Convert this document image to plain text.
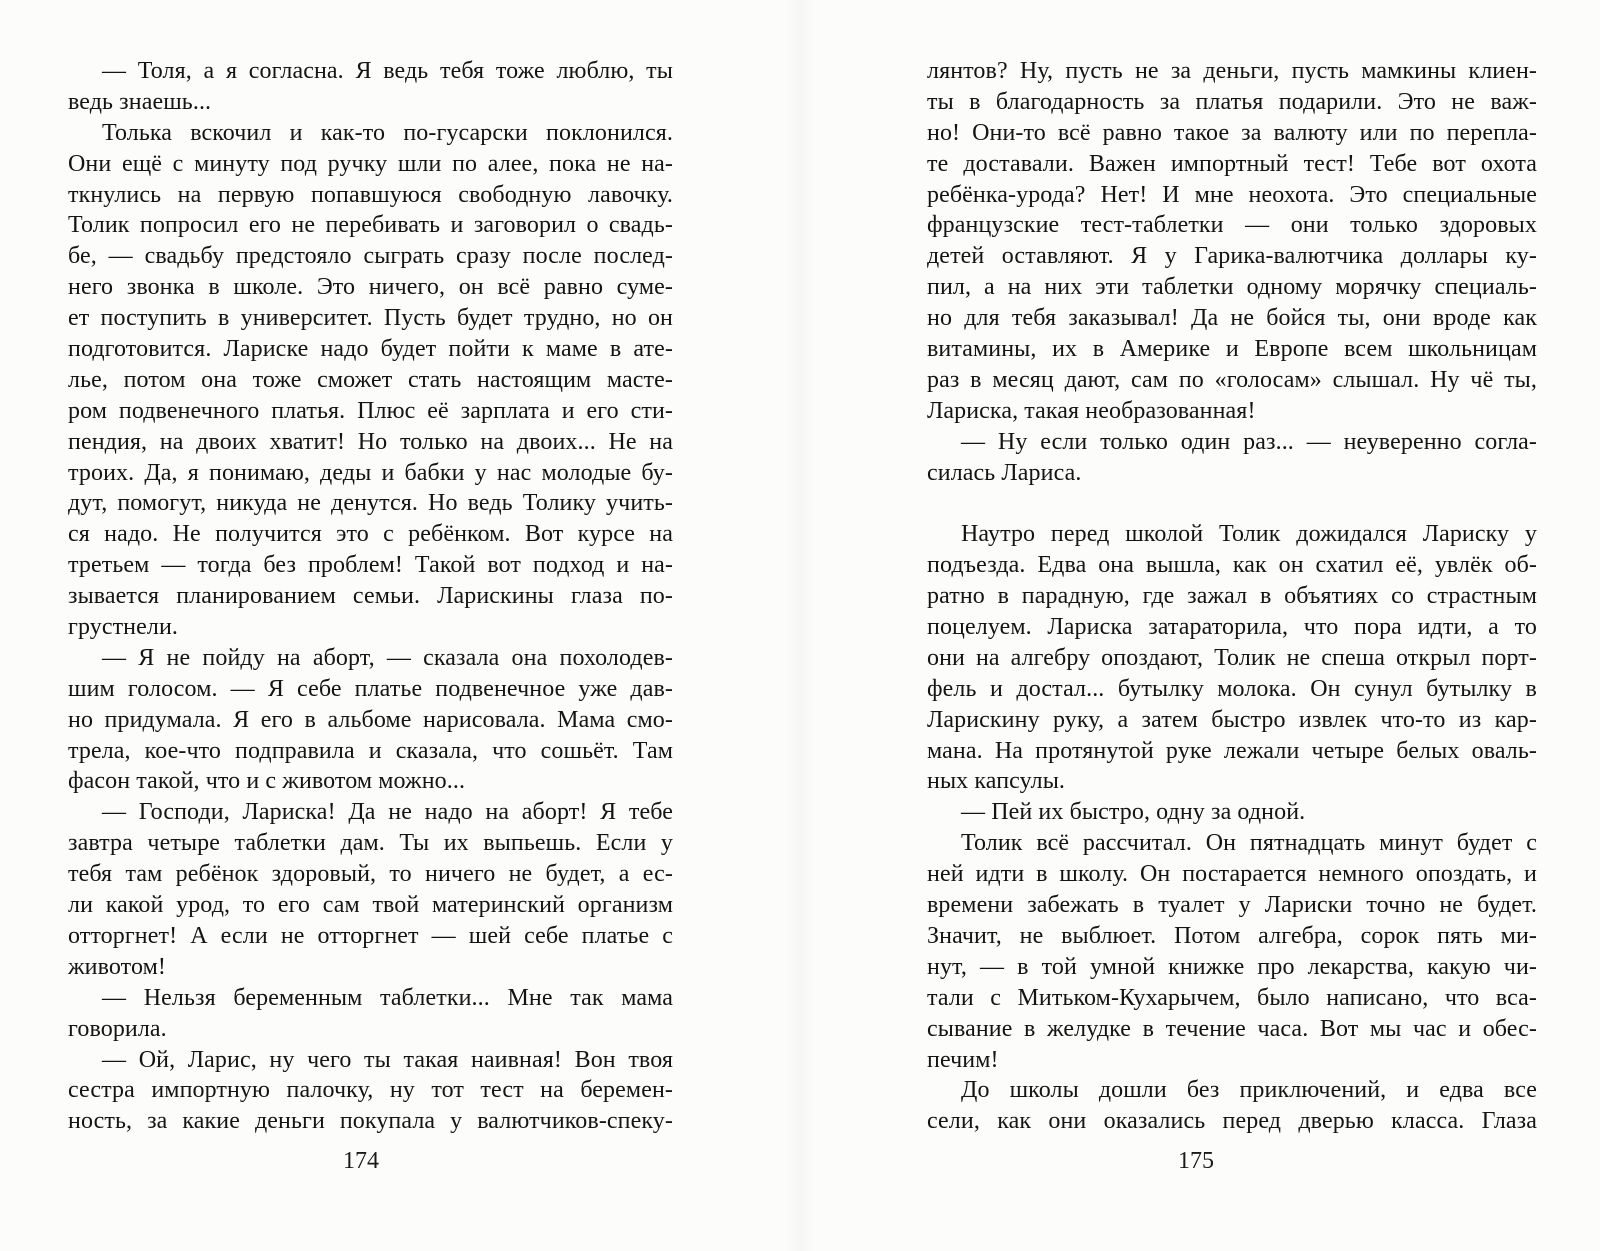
— Толя, а я согласна. Я ведь тебя тоже люблю, ты
ведь знаешь...
Толька вскочил и как-то по-гусарски поклонился.
Они ещё с минуту под ручку шли по алее, пока не на-
ткнулись на первую попавшуюся свободную лавочку.
Толик попросил его не перебивать и заговорил о свадь-
бе, — свадьбу предстояло сыграть сразу после послед-
него звонка в школе. Это ничего, он всё равно суме-
ет поступить в университет. Пусть будет трудно, но он
подготовится. Лариске надо будет пойти к маме в ате-
лье, потом она тоже сможет стать настоящим масте-
ром подвенечного платья. Плюс её зарплата и его сти-
пендия, на двоих хватит! Но только на двоих... Не на
троих. Да, я понимаю, деды и бабки у нас молодые бу-
дут, помогут, никуда не денутся. Но ведь Толику учить-
ся надо. Не получится это с ребёнком. Вот курсе на
третьем — тогда без проблем! Такой вот подход и на-
зывается планированием семьи. Ларискины глаза по-
грустнели.
— Я не пойду на аборт, — сказала она похолодев-
шим голосом. — Я себе платье подвенечное уже дав-
но придумала. Я его в альбоме нарисовала. Мама смо-
трела, кое-что подправила и сказала, что сошьёт. Там
фасон такой, что и с животом можно...
— Господи, Лариска! Да не надо на аборт! Я тебе
завтра четыре таблетки дам. Ты их выпьешь. Если у
тебя там ребёнок здоровый, то ничего не будет, а ес-
ли какой урод, то его сам твой материнский организм
отторгнет! А если не отторгнет — шей себе платье с
животом!
— Нельзя беременным таблетки... Мне так мама
говорила.
— Ой, Ларис, ну чего ты такая наивная! Вон твоя
сестра импортную палочку, ну тот тест на беремен-
ность, за какие деньги покупала у валютчиков-спеку-
174
лянтов? Ну, пусть не за деньги, пусть мамкины клиен-
ты в благодарность за платья подарили. Это не важ-
но! Они-то всё равно такое за валюту или по перепла-
те доставали. Важен импортный тест! Тебе вот охота
ребёнка-урода? Нет! И мне неохота. Это специальные
французские тест-таблетки — они только здоровых
детей оставляют. Я у Гарика-валютчика доллары ку-
пил, а на них эти таблетки одному морячку специаль-
но для тебя заказывал! Да не бойся ты, они вроде как
витамины, их в Америке и Европе всем школьницам
раз в месяц дают, сам по «голосам» слышал. Ну чё ты,
Лариска, такая необразованная!
— Ну если только один раз... — неуверенно согла-
силась Лариса.
Наутро перед школой Толик дожидался Лариску у
подъезда. Едва она вышла, как он схатил её, увлёк об-
ратно в парадную, где зажал в объятиях со страстным
поцелуем. Лариска затараторила, что пора идти, а то
они на алгебру опоздают, Толик не спеша открыл порт-
фель и достал... бутылку молока. Он сунул бутылку в
Ларискину руку, а затем быстро извлек что-то из кар-
мана. На протянутой руке лежали четыре белых оваль-
ных капсулы.
— Пей их быстро, одну за одной.
Толик всё рассчитал. Он пятнадцать минут будет с
ней идти в школу. Он постарается немного опоздать, и
времени забежать в туалет у Лариски точно не будет.
Значит, не выблюет. Потом алгебра, сорок пять ми-
нут, — в той умной книжке про лекарства, какую чи-
тали с Митьком-Кухарычем, было написано, что вса-
сывание в желудке в течение часа. Вот мы час и обес-
печим!
До школы дошли без приключений, и едва все
сели, как они оказались перед дверью класса. Глаза
175
